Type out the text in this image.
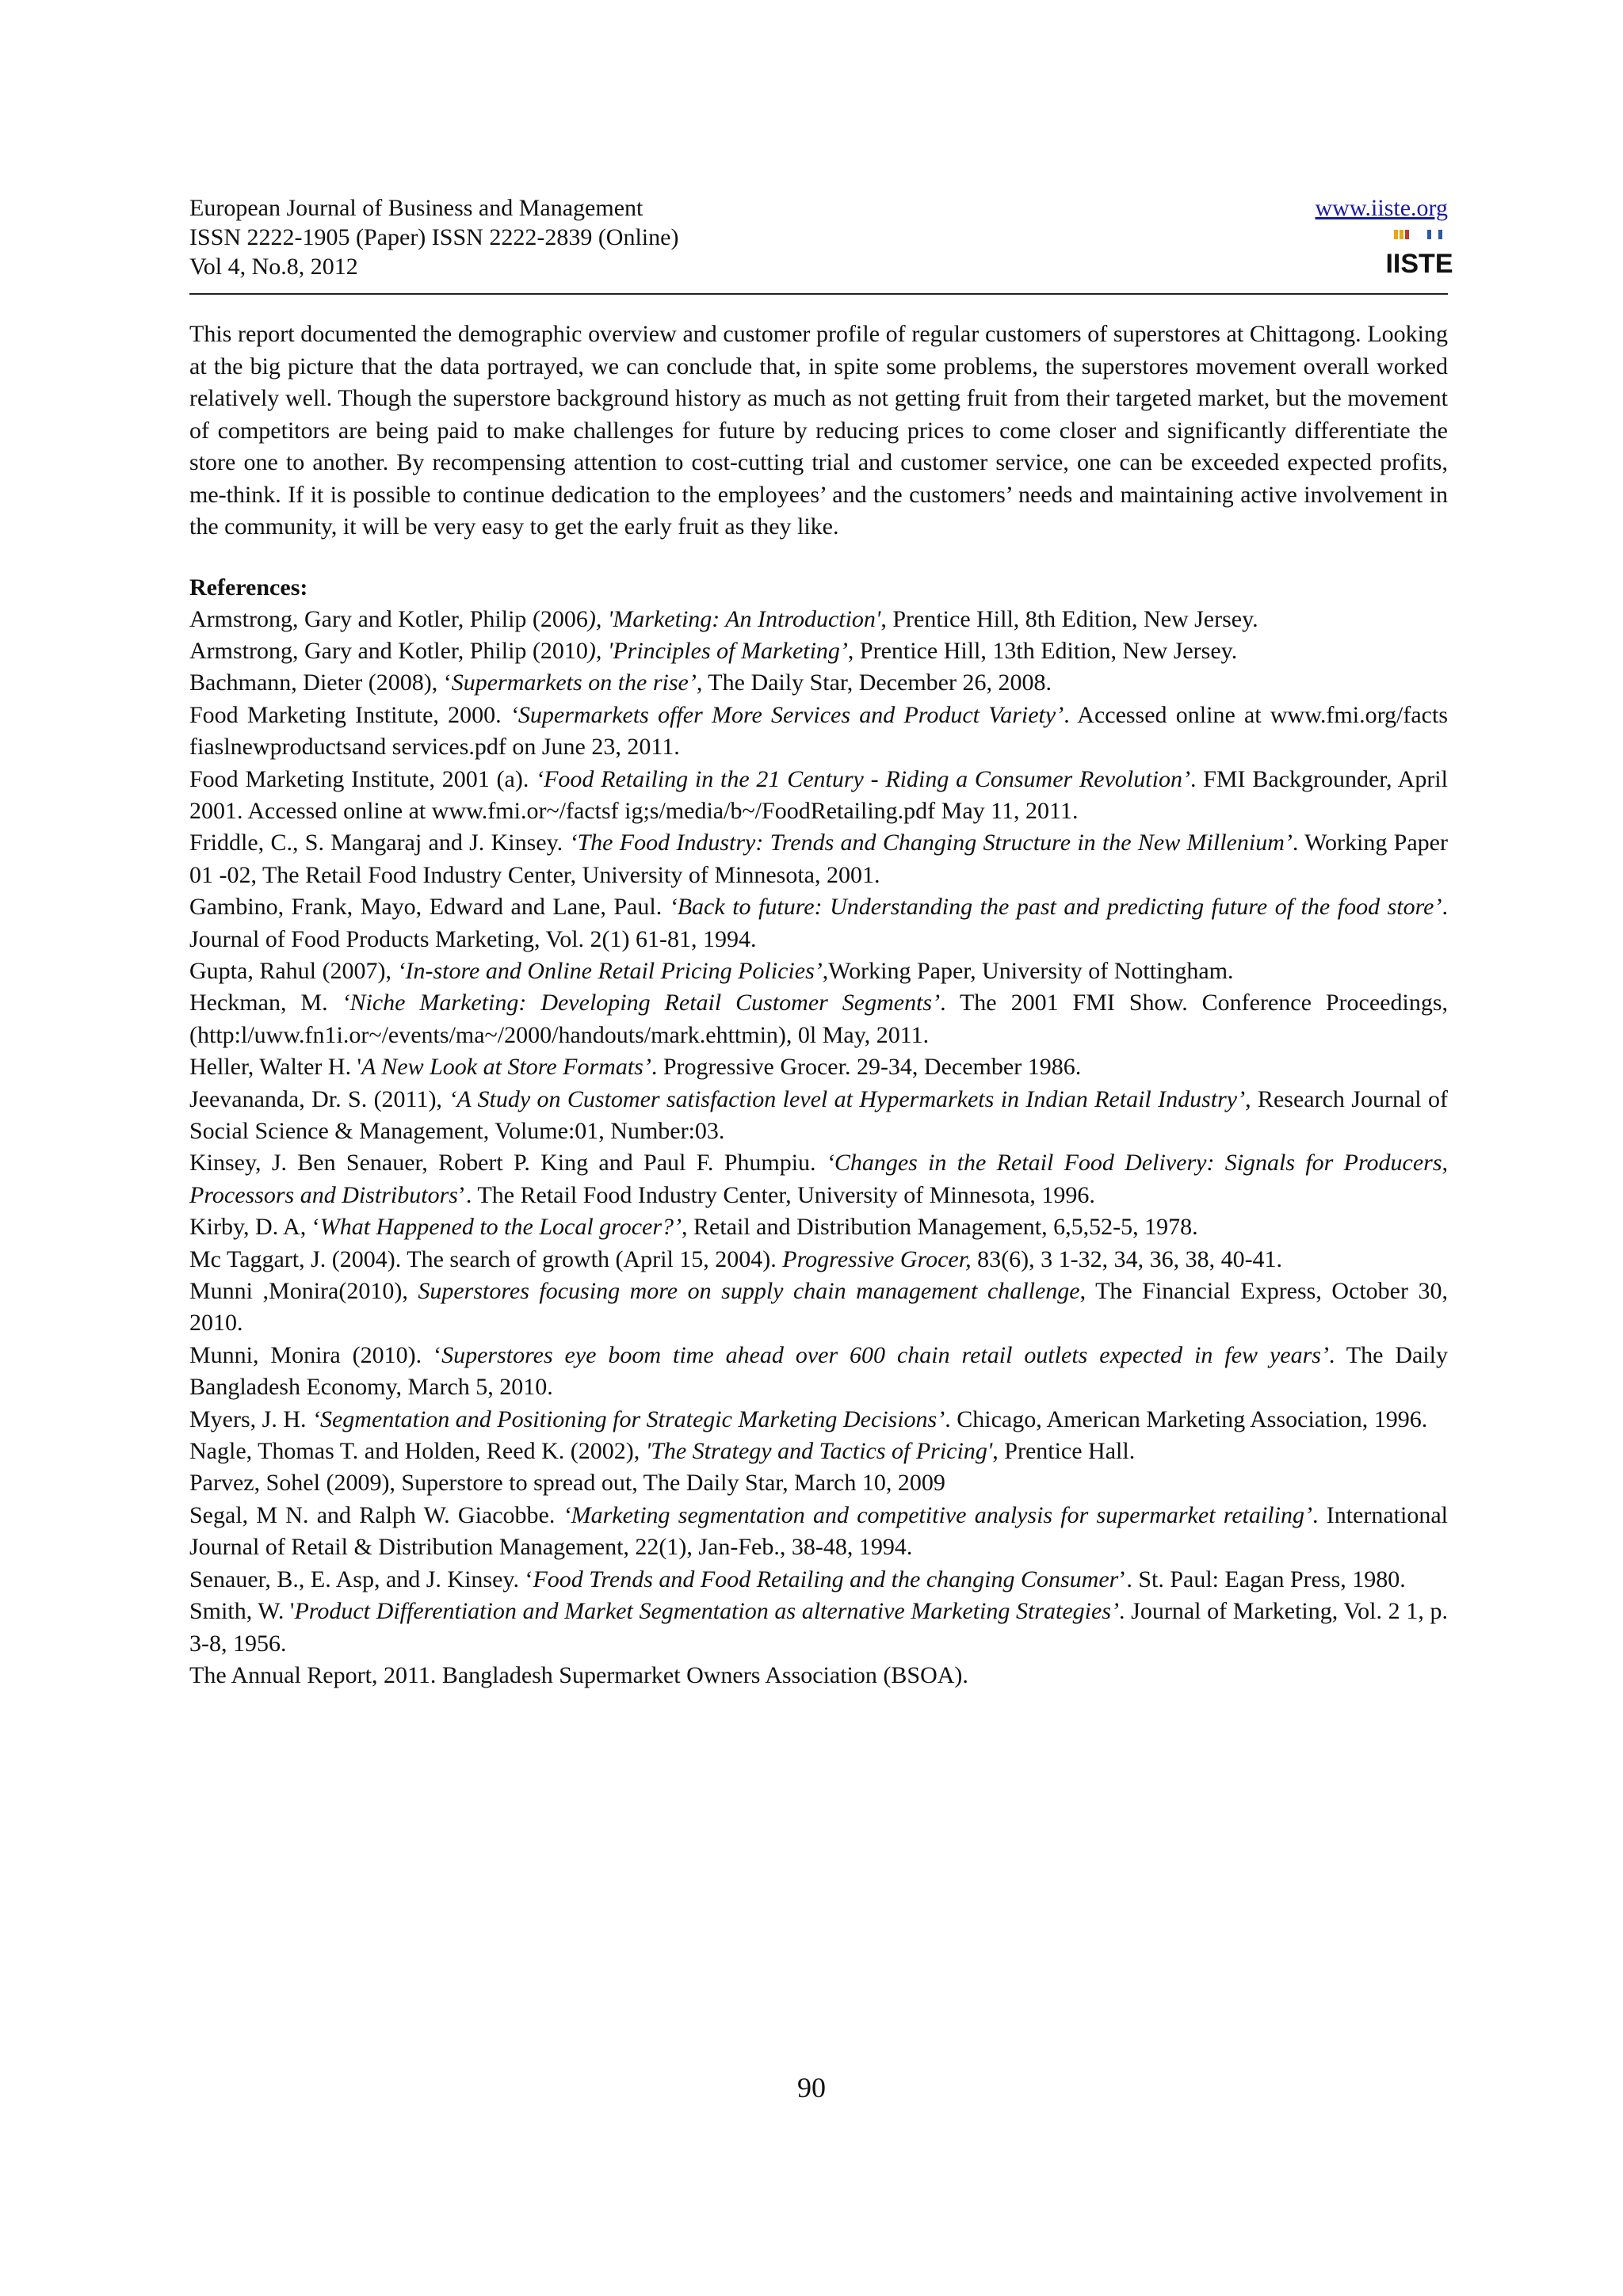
European Journal of Business and Management
ISSN 2222-1905 (Paper) ISSN 2222-2839 (Online)
Vol 4, No.8, 2012
www.iiste.org
IISTE

This report documented the demographic overview and customer profile of regular customers of superstores at Chittagong. Looking at the big picture that the data portrayed, we can conclude that, in spite some problems, the superstores movement overall worked relatively well. Though the superstore background history as much as not getting fruit from their targeted market, but the movement of competitors are being paid to make challenges for future by reducing prices to come closer and significantly differentiate the store one to another. By recompensing attention to cost-cutting trial and customer service, one can be exceeded expected profits, me-think. If it is possible to continue dedication to the employees’ and the customers’ needs and maintaining active involvement in the community, it will be very easy to get the early fruit as they like.

References:
Armstrong, Gary and Kotler, Philip (2006), 'Marketing: An Introduction', Prentice Hill, 8th Edition, New Jersey.
Armstrong, Gary and Kotler, Philip (2010), 'Principles of Marketing’, Prentice Hill, 13th Edition, New Jersey.
Bachmann, Dieter (2008), ‘Supermarkets on the rise’, The Daily Star, December 26, 2008.
Food Marketing Institute, 2000. ‘Supermarkets offer More Services and Product Variety’. Accessed online at www.fmi.org/facts fiaslnewproductsand services.pdf on June 23, 2011.
Food Marketing Institute, 2001 (a). ‘Food Retailing in the 21 Century - Riding a Consumer Revolution’. FMI Backgrounder, April 2001. Accessed online at www.fmi.or~/factsf ig;s/media/b~/FoodRetailing.pdf May 11, 2011.
Friddle, C., S. Mangaraj and J. Kinsey. ‘The Food Industry: Trends and Changing Structure in the New Millenium’. Working Paper 01 -02, The Retail Food Industry Center, University of Minnesota, 2001.
Gambino, Frank, Mayo, Edward and Lane, Paul. ‘Back to future: Understanding the past and predicting future of the food store’. Journal of Food Products Marketing, Vol. 2(1) 61-81, 1994.
Gupta, Rahul (2007), ‘In-store and Online Retail Pricing Policies’,Working Paper, University of Nottingham.
Heckman, M. ‘Niche Marketing: Developing Retail Customer Segments’. The 2001 FMI Show. Conference Proceedings, (http:l/uww.fn1i.or~/events/ma~/2000/handouts/mark.ehttmin), 0l May, 2011.
Heller, Walter H. 'A New Look at Store Formats’. Progressive Grocer. 29-34, December 1986.
Jeevananda, Dr. S. (2011), ‘A Study on Customer satisfaction level at Hypermarkets in Indian Retail Industry’, Research Journal of Social Science & Management, Volume:01, Number:03.
Kinsey, J. Ben Senauer, Robert P. King and Paul F. Phumpiu. ‘Changes in the Retail Food Delivery: Signals for Producers, Processors and Distributors’. The Retail Food Industry Center, University of Minnesota, 1996.
Kirby, D. A, ‘What Happened to the Local grocer?’, Retail and Distribution Management, 6,5,52-5, 1978.
Mc Taggart, J. (2004). The search of growth (April 15, 2004). Progressive Grocer, 83(6), 3 1-32, 34, 36, 38, 40-41.
Munni ,Monira(2010), Superstores focusing more on supply chain management challenge, The Financial Express, October 30, 2010.
Munni, Monira (2010). ‘Superstores eye boom time ahead over 600 chain retail outlets expected in few years’. The Daily Bangladesh Economy, March 5, 2010.
Myers, J. H. ‘Segmentation and Positioning for Strategic Marketing Decisions’. Chicago, American Marketing Association, 1996.
Nagle, Thomas T. and Holden, Reed K. (2002), 'The Strategy and Tactics of Pricing', Prentice Hall.
Parvez, Sohel (2009), Superstore to spread out, The Daily Star, March 10, 2009
Segal, M N. and Ralph W. Giacobbe. ‘Marketing segmentation and competitive analysis for supermarket retailing’. International Journal of Retail & Distribution Management, 22(1), Jan-Feb., 38-48, 1994.
Senauer, B., E. Asp, and J. Kinsey. ‘Food Trends and Food Retailing and the changing Consumer’. St. Paul: Eagan Press, 1980.
Smith, W. 'Product Differentiation and Market Segmentation as alternative Marketing Strategies’. Journal of Marketing, Vol. 2 1, p. 3-8, 1956.
The Annual Report, 2011. Bangladesh Supermarket Owners Association (BSOA).
90
